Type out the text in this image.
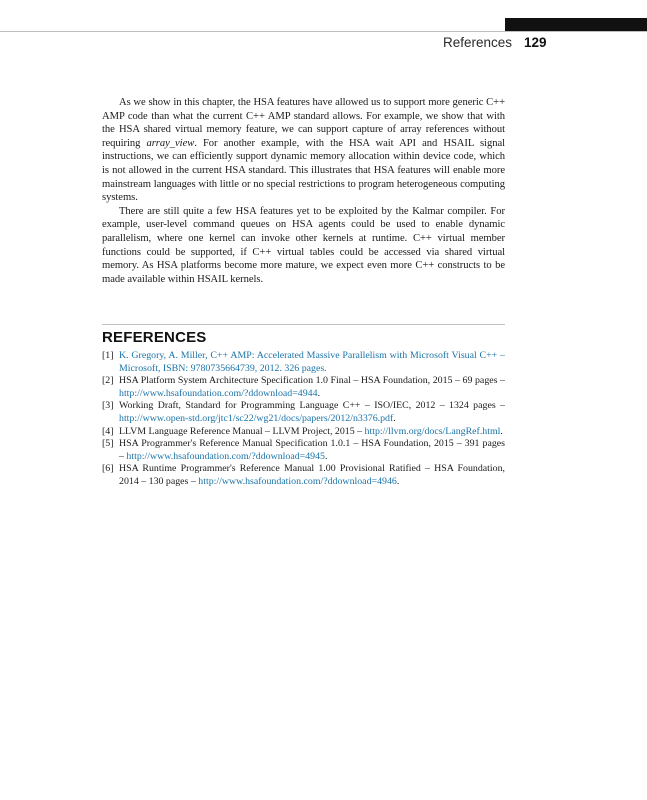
References 129

As we show in this chapter, the HSA features have allowed us to support more generic C++ AMP code than what the current C++ AMP standard allows. For example, we show that with the HSA shared virtual memory feature, we can support capture of array references without requiring array_view. For another example, with the HSA wait API and HSAIL signal instructions, we can efficiently support dynamic memory allocation within device code, which is not allowed in the current HSA standard. This illustrates that HSA features will enable more mainstream languages with little or no special restrictions to program heterogeneous computing systems.

There are still quite a few HSA features yet to be exploited by the Kalmar compiler. For example, user-level command queues on HSA agents could be used to enable dynamic parallelism, where one kernel can invoke other kernels at runtime. C++ virtual member functions could be supported, if C++ virtual tables could be accessed via shared virtual memory. As HSA platforms become more mature, we expect even more C++ constructs to be made available within HSAIL kernels.

REFERENCES
[1] K. Gregory, A. Miller, C++ AMP: Accelerated Massive Parallelism with Microsoft Visual C++ – Microsoft, ISBN: 9780735664739, 2012. 326 pages.
[2] HSA Platform System Architecture Specification 1.0 Final – HSA Foundation, 2015 – 69 pages – http://www.hsafoundation.com/?ddownload=4944.
[3] Working Draft, Standard for Programming Language C++ – ISO/IEC, 2012 – 1324 pages – http://www.open-std.org/jtc1/sc22/wg21/docs/papers/2012/n3376.pdf.
[4] LLVM Language Reference Manual – LLVM Project, 2015 – http://llvm.org/docs/LangRef.html.
[5] HSA Programmer's Reference Manual Specification 1.0.1 – HSA Foundation, 2015 – 391 pages – http://www.hsafoundation.com/?ddownload=4945.
[6] HSA Runtime Programmer's Reference Manual 1.00 Provisional Ratified – HSA Foundation, 2014 – 130 pages – http://www.hsafoundation.com/?ddownload=4946.
